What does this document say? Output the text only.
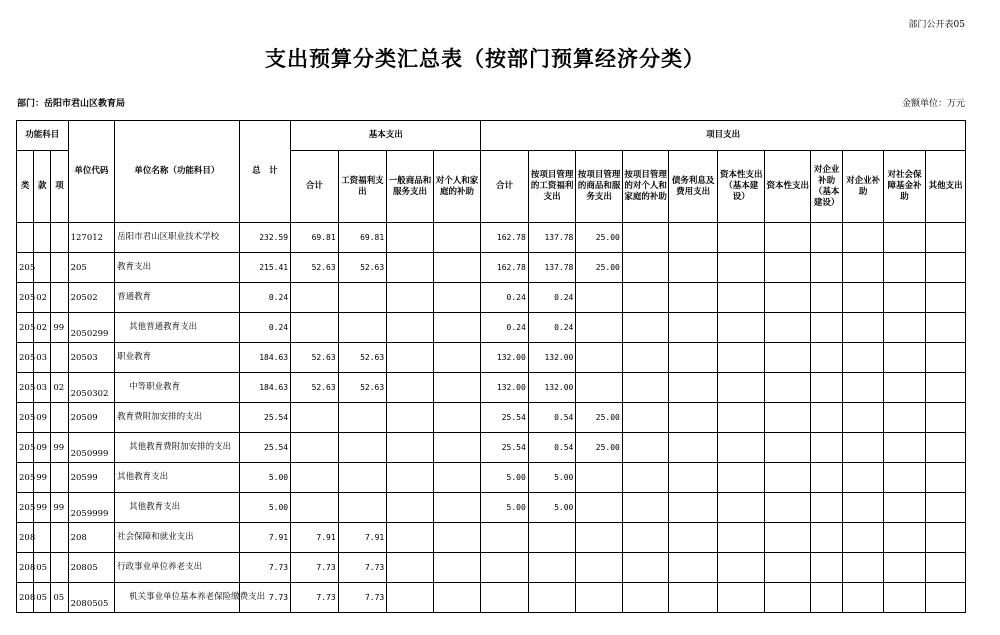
部门公开表05
支出预算分类汇总表（按部门预算经济分类）
部门：岳阳市君山区教育局	金额单位：万元
功能科目			单位代码	单位名称（功能科目）	总　计	基本支出				项目支出										
类	款	项				合计	工资福利支出	一般商品和服务支出	对个人和家庭的补助	合计	按项目管理的工资福利支出	按项目管理的商品和服务支出	按项目管理的对个人和家庭的补助	债务利息及费用支出	资本性支出（基本建设）	资本性支出	对企业补助（基本建设）	对企业补助	对社会保障基金补助	其他支出
			127012	岳阳市君山区职业技术学校	232.59	69.81	69.81			162.78	137.78	25.00								
205			205	教育支出	215.41	52.63	52.63			162.78	137.78	25.00								
205	02		20502	普通教育	0.24					0.24	0.24									
205	02	99	2050299	其他普通教育支出	0.24					0.24	0.24									
205	03		20503	职业教育	184.63	52.63	52.63			132.00	132.00									
205	03	02	2050302	中等职业教育	184.63	52.63	52.63			132.00	132.00									
205	09		20509	教育费附加安排的支出	25.54					25.54	0.54	25.00								
205	09	99	2050999	其他教育费附加安排的支出	25.54					25.54	0.54	25.00								
205	99		20599	其他教育支出	5.00					5.00	5.00									
205	99	99	2059999	其他教育支出	5.00					5.00	5.00									
208			208	社会保障和就业支出	7.91	7.91	7.91													
208	05		20805	行政事业单位养老支出	7.73	7.73	7.73													
208	05	05	2080505	机关事业单位基本养老保险缴费支出	7.73	7.73	7.73													
